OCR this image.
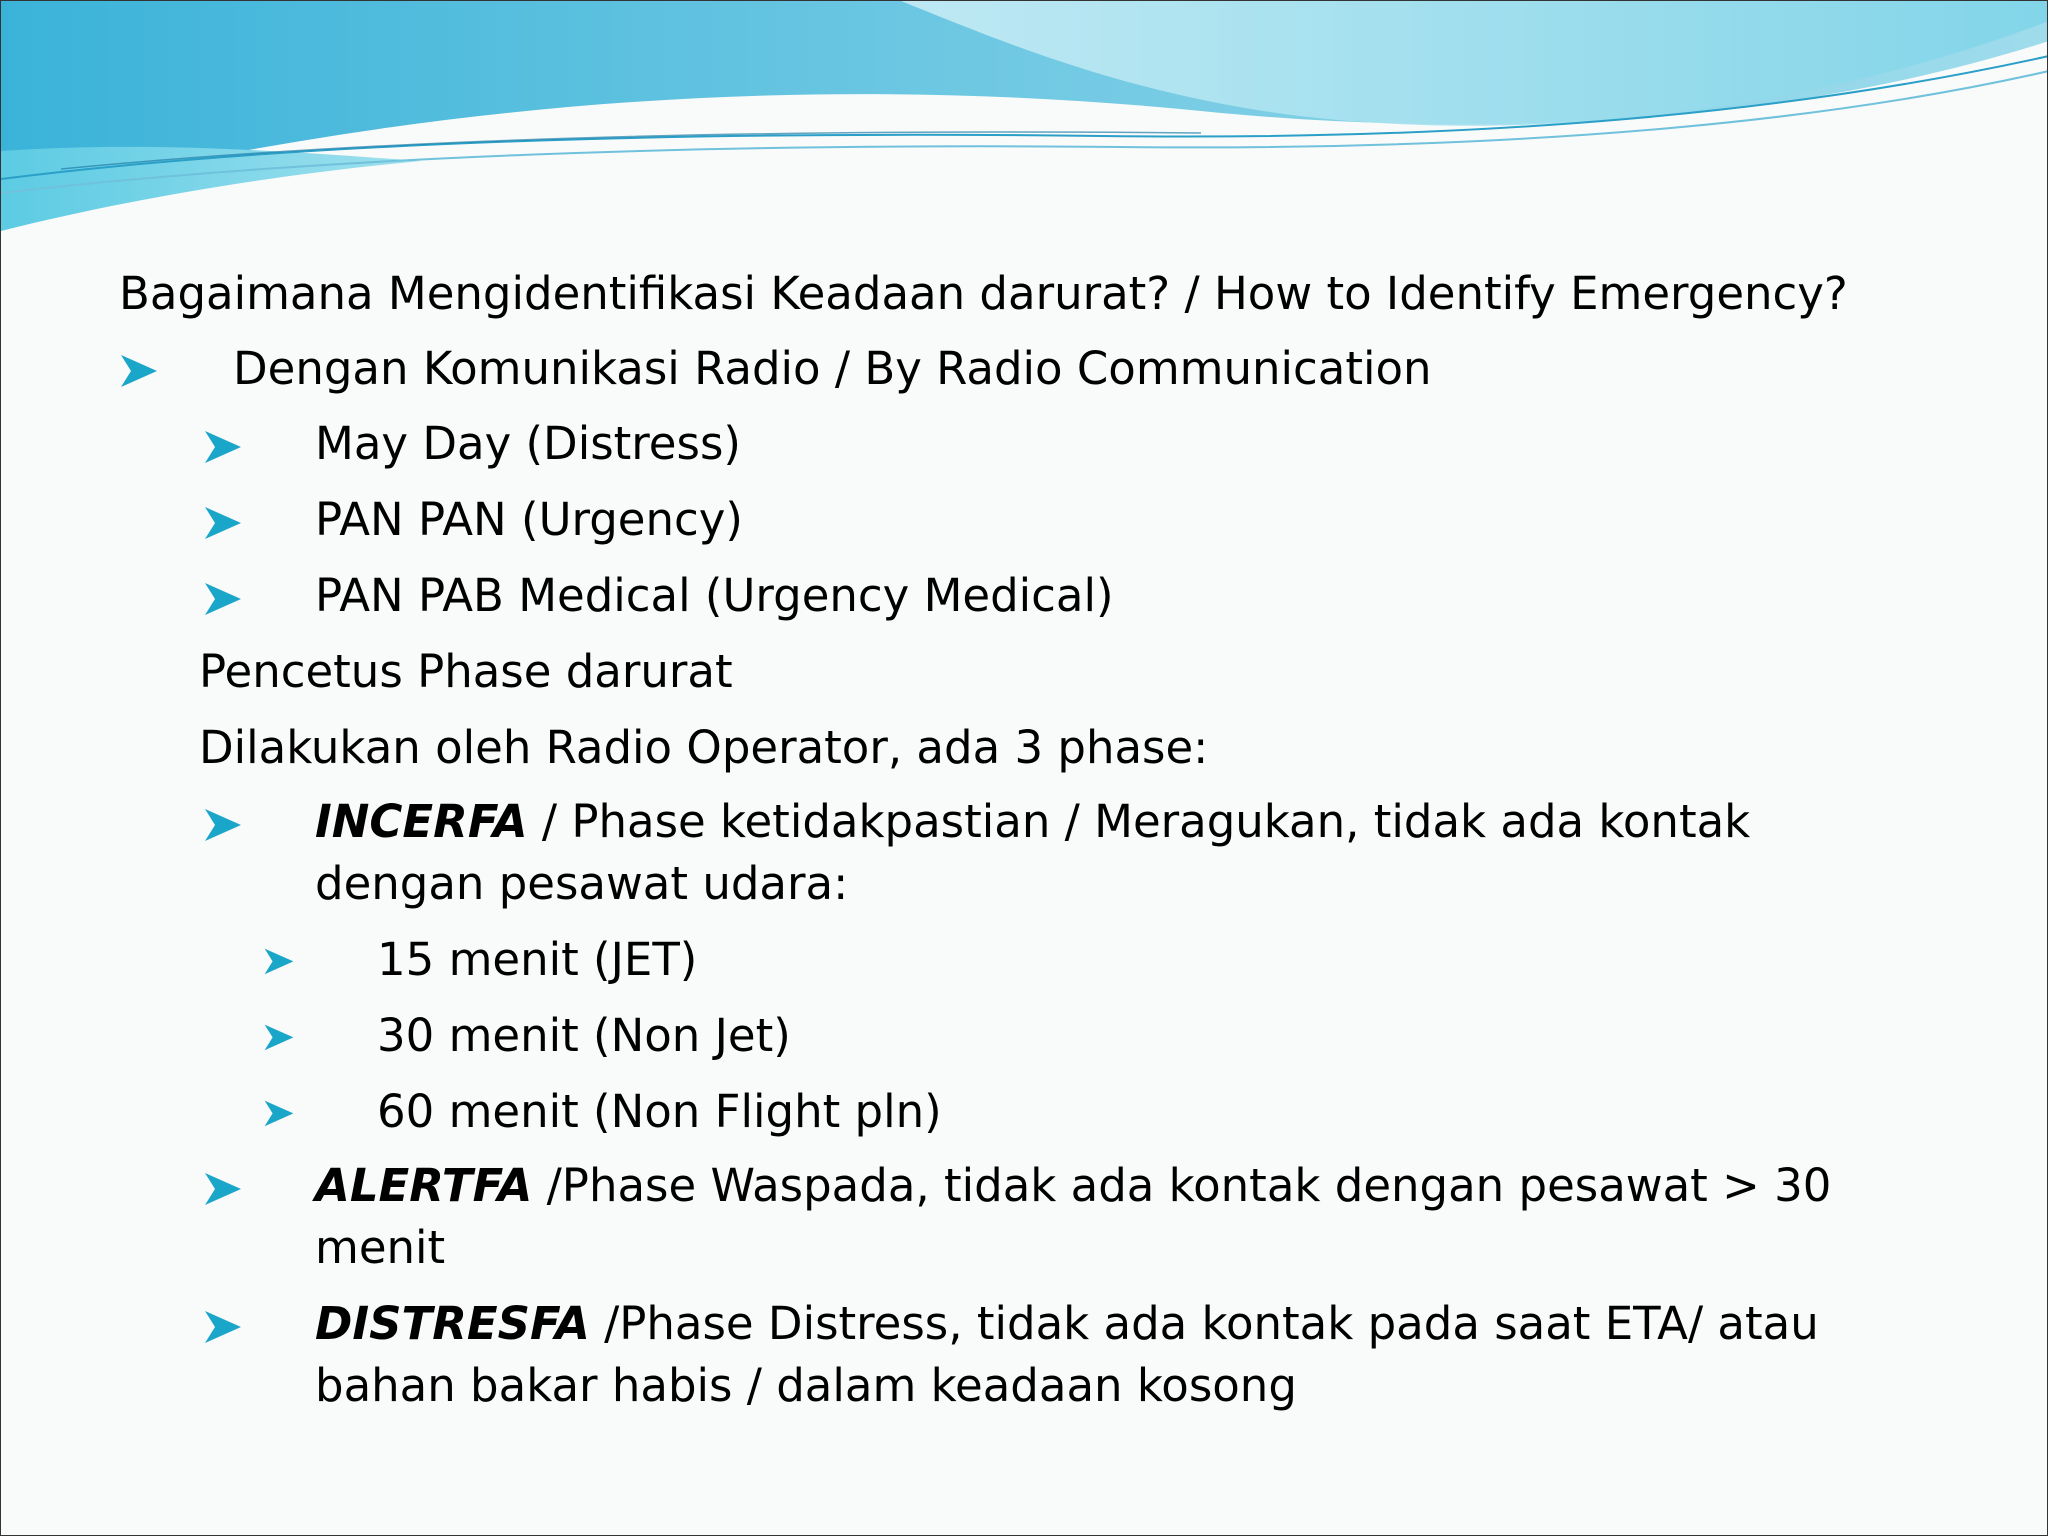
Bagaimana Mengidentifikasi Keadaan darurat? / How to Identify Emergency?
Dengan Komunikasi Radio / By Radio Communication
May Day (Distress)
PAN PAN (Urgency)
PAN PAB Medical (Urgency Medical)
Pencetus Phase darurat
Dilakukan oleh Radio Operator, ada 3 phase:
INCERFA / Phase ketidakpastian / Meragukan, tidak ada kontak
dengan pesawat udara:
15 menit (JET)
30 menit (Non Jet)
60 menit (Non Flight pln)
ALERTFA /Phase Waspada, tidak ada kontak dengan pesawat > 30
menit
DISTRESFA /Phase Distress, tidak ada kontak pada saat ETA/ atau
bahan bakar habis / dalam keadaan kosong
